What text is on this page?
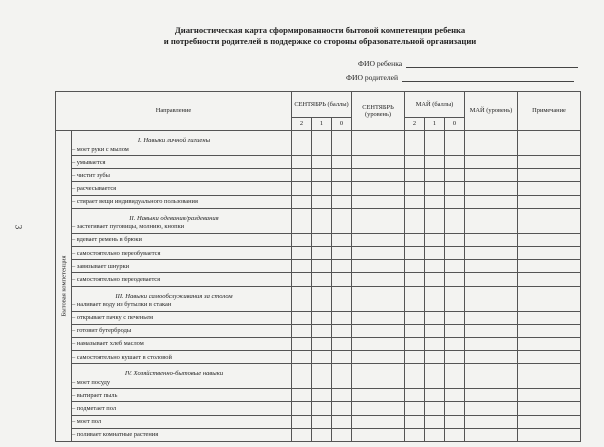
3
Диагностическая карта сформированности бытовой компетенции ребенка
и потребности родителей в поддержке со стороны образовательной организации
ФИО ребенка
ФИО родителей
Направление		СЕНТЯБРЬ (баллы)			СЕНТЯБРЬ (уровень)	МАЙ (баллы)			МАЙ (уровень)	Примечание
		2	1	0		2	1	0		

Бытовая компетенция	I. Навыки личной гигиены
– моет руки с мылом									
	– умывается									
	– чистит зубы									
	– расчесывается									
	– стирает вещи индивидуального пользования									

	II. Навыки одевания/раздевания
– застегивает пуговицы, молнию, кнопки									
	– вдевает ремень в брюки									
	– самостоятельно переобувается									
	– завязывает шнурки									
	– самостоятельно переодевается									

	III. Навыки самообслуживания за столом
– наливает воду из бутылки в стакан									
	– открывает пачку с печеньем									
	– готовит бутерброды									
	– намазывает хлеб маслом									
	– самостоятельно кушает в столовой									

	IV. Хозяйственно-бытовые навыки
– моет посуду									
	– вытирает пыль									
	– подметает пол									
	– моет пол									
	– поливает комнатные растения									
